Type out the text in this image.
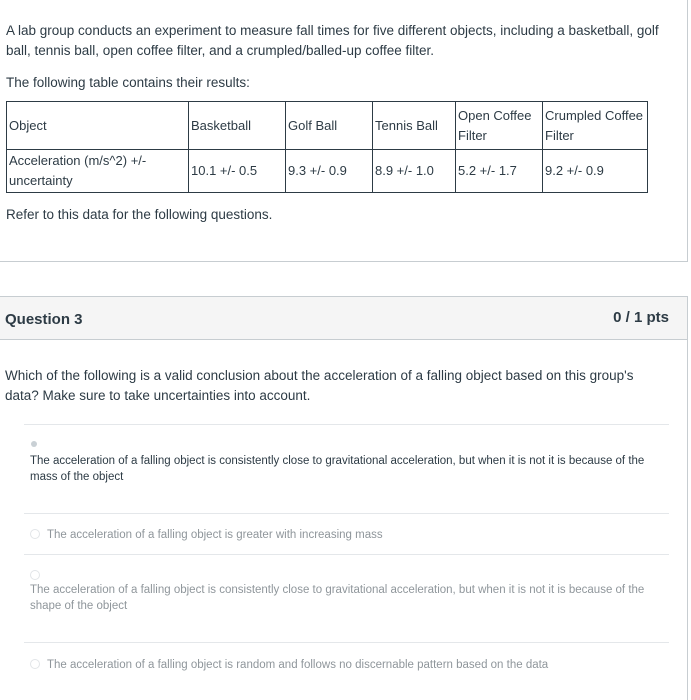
A lab group conducts an experiment to measure fall times for five different objects, including a basketball, golf ball, tennis ball, open coffee filter, and a crumpled/balled-up coffee filter.

The following table contains their results:

Object	Basketball	Golf Ball	Tennis Ball	Open Coffee Filter	Crumpled Coffee Filter
Acceleration (m/s^2) +/- uncertainty	10.1 +/- 0.5	9.3 +/- 0.9	8.9 +/- 1.0	5.2 +/- 1.7	9.2 +/- 0.9

Refer to this data for the following questions.

Question 3	0 / 1 pts

Which of the following is a valid conclusion about the acceleration of a falling object based on this group's data? Make sure to take uncertainties into account.

The acceleration of a falling object is consistently close to gravitational acceleration, but when it is not it is because of the mass of the object

The acceleration of a falling object is greater with increasing mass

The acceleration of a falling object is consistently close to gravitational acceleration, but when it is not it is because of the shape of the object

The acceleration of a falling object is random and follows no discernable pattern based on the data
